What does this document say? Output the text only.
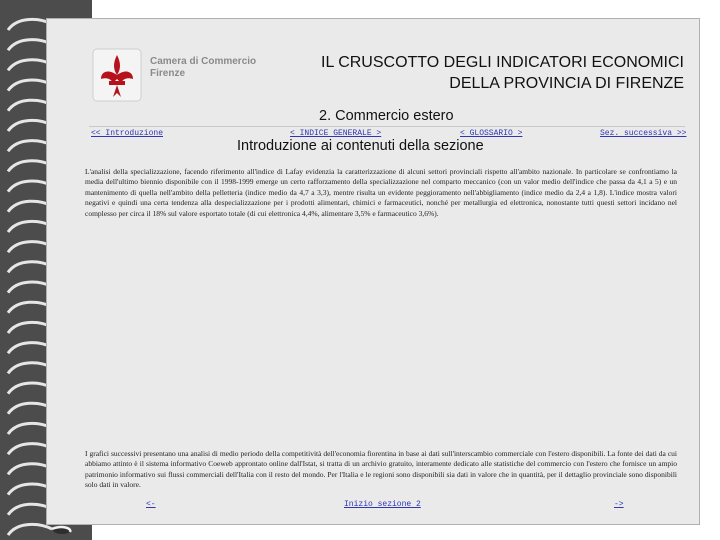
Camera di Commercio
Firenze
IL CRUSCOTTO DEGLI INDICATORI ECONOMICI
DELLA PROVINCIA DI FIRENZE
2. Commercio estero
<< Introduzione	< INDICE GENERALE >	< GLOSSARIO >	Sez. successiva >>
Introduzione ai contenuti della sezione

L'analisi della specializzazione, facendo riferimento all'indice di Lafay evidenzia la caratterizzazione di alcuni settori provinciali rispetto all'ambito nazionale. In particolare se confrontiamo la media dell'ultimo biennio disponibile con il 1998-1999 emerge un certo rafforzamento della specializzazione nel comparto meccanico (con un valor medio dell'indice che passa da 4,1 a 5) e un mantenimento di quella nell'ambito della pelletteria (indice medio da 4,7 a 3,3), mentre risulta un evidente peggioramento nell'abbigliamento (indice medio da 2,4 a 1,8). L'indice mostra valori negativi e quindi una certa tendenza alla despecializzazione per i prodotti alimentari, chimici e farmaceutici, nonché per metallurgia ed elettronica, nonostante tutti questi settori incidano nel complesso per circa il 18% sul valore esportato totale (di cui elettronica 4,4%, alimentare 3,5% e farmaceutico 3,6%).

I grafici successivi presentano una analisi di medio periodo della competitività dell'economia fiorentina in base ai dati sull'interscambio commerciale con l'estero disponibili. La fonte dei dati da cui abbiamo attinto è il sistema informativo Coeweb approntato online dall'Istat, si tratta di un archivio gratuito, interamente dedicato alle statistiche del commercio con l'estero che fornisce un ampio patrimonio informativo sui flussi commerciali dell'Italia con il resto del mondo. Per l'Italia e le regioni sono disponibili sia dati in valore che in quantità, per il dettaglio provinciale sono disponibili solo dati in valore.

<-	Inizio sezione 2	->
